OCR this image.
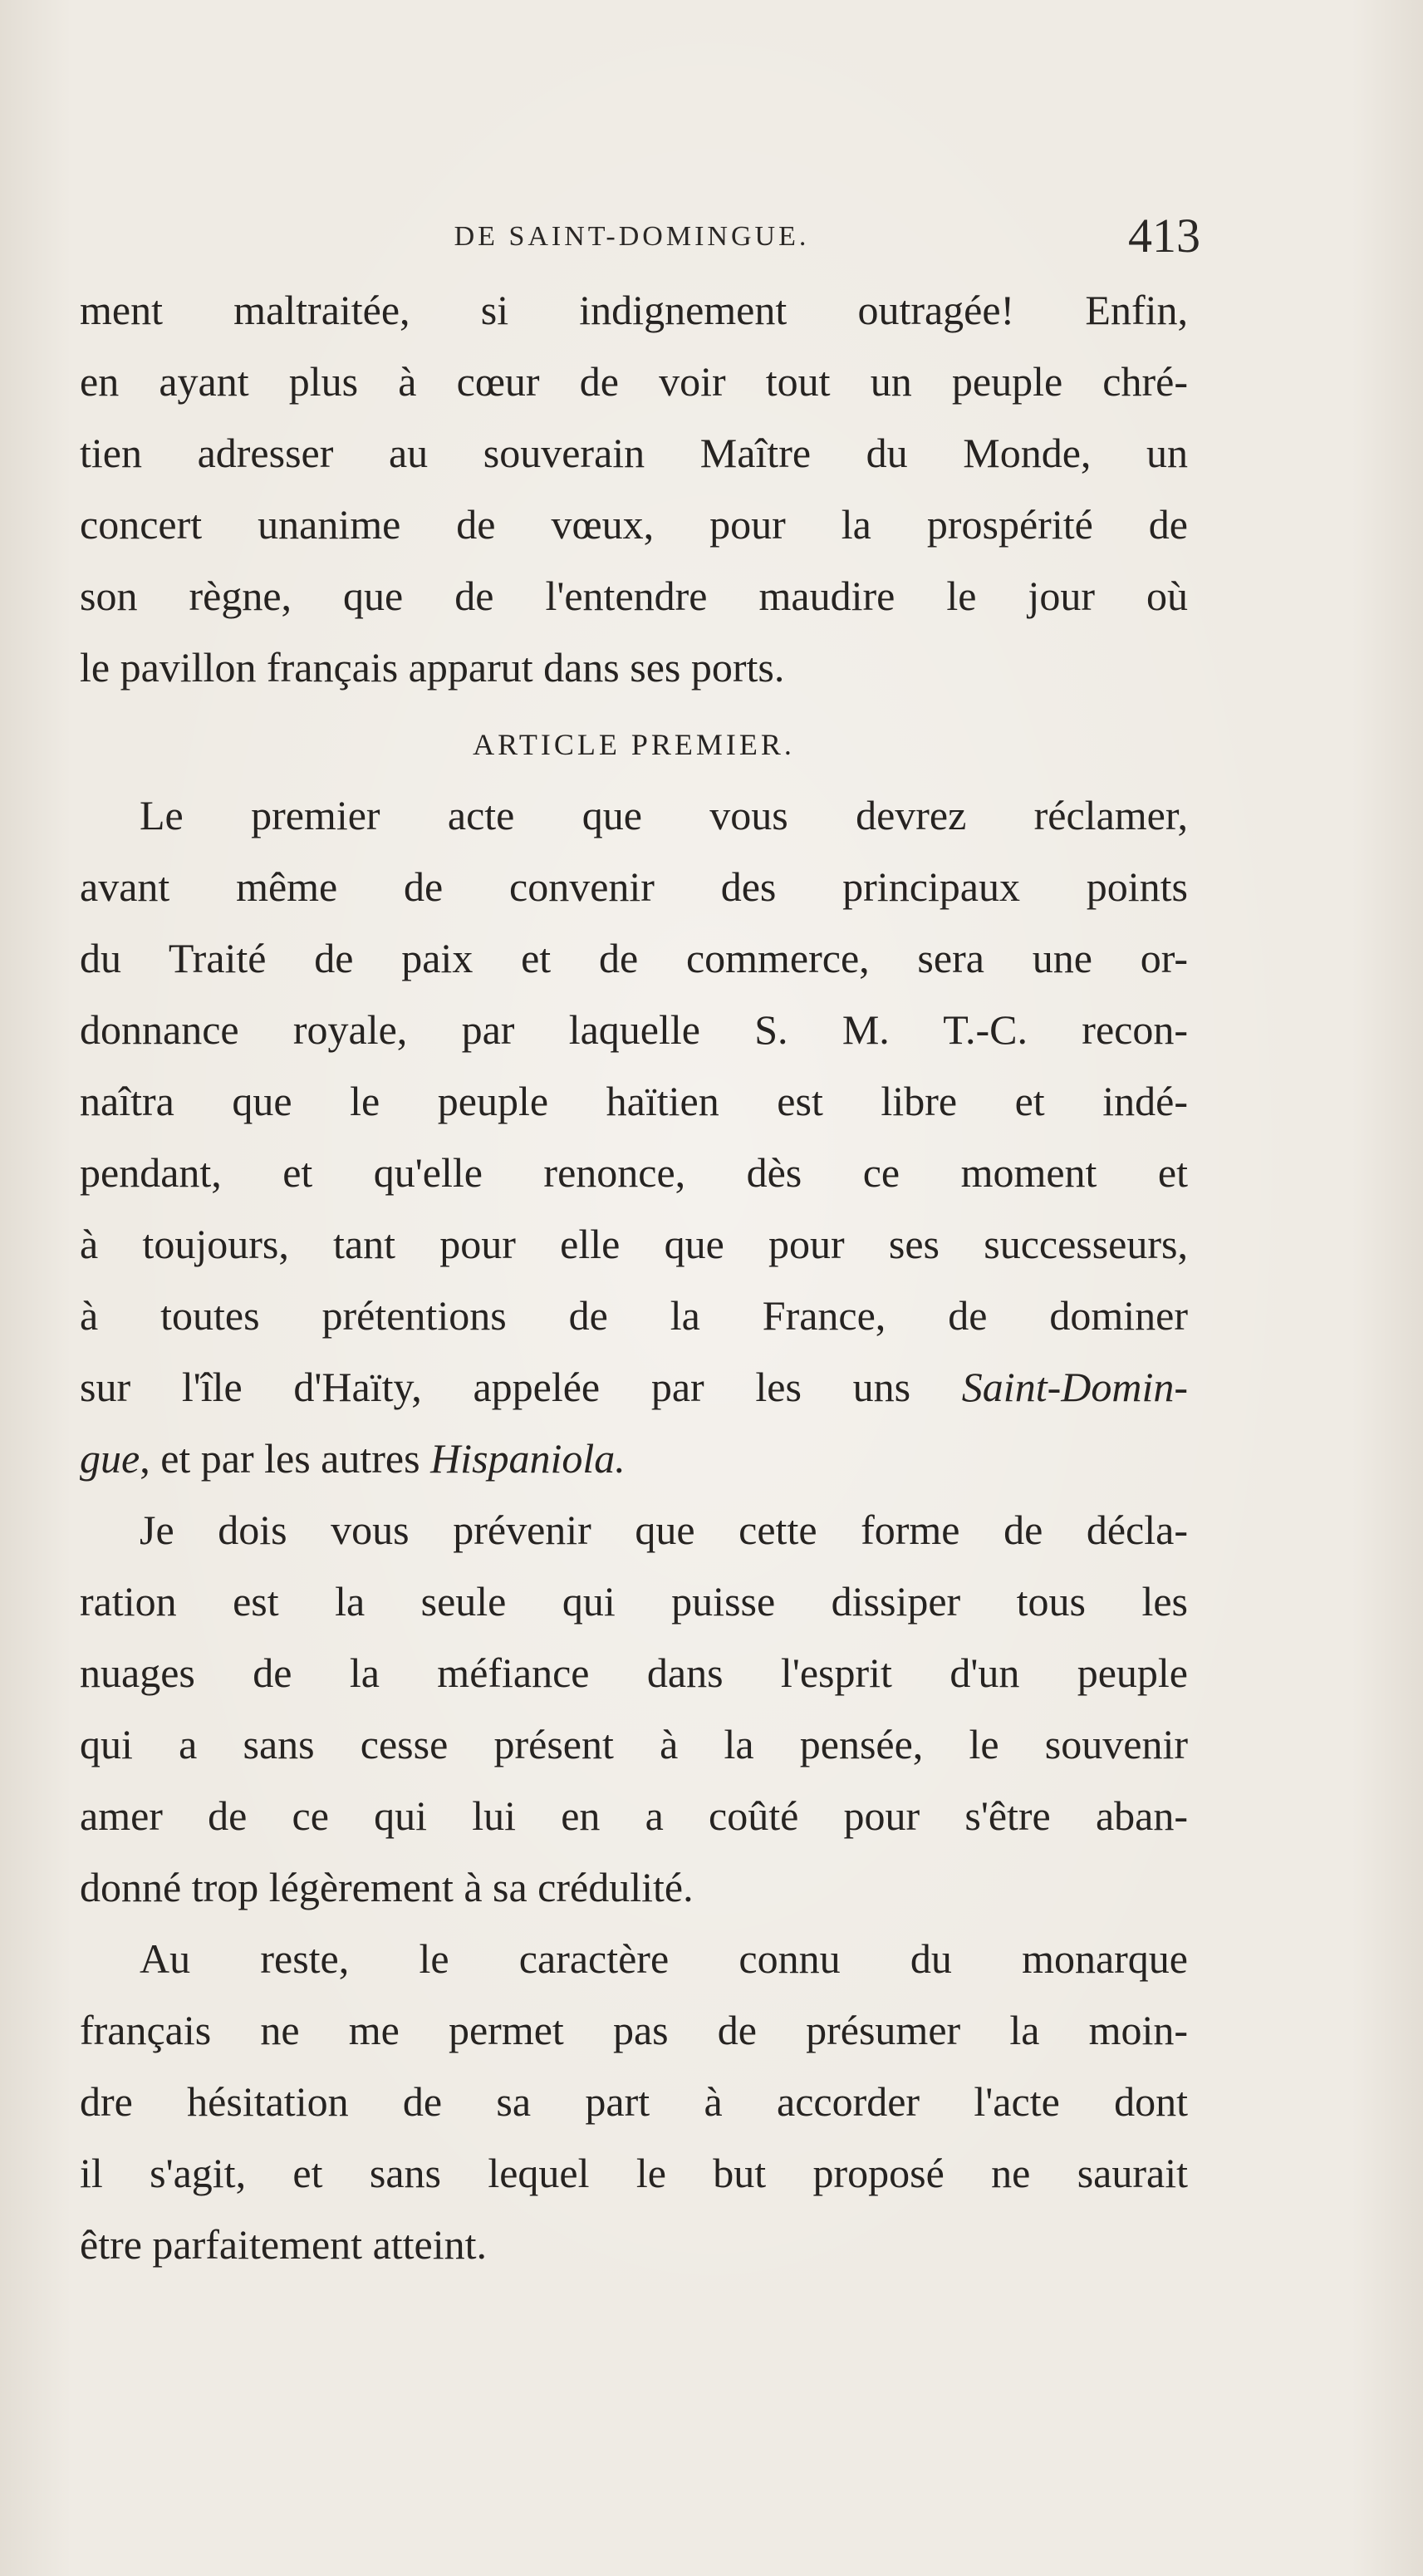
DE SAINT-DOMINGUE.	413
ment maltraitée, si indignement outragée! Enfin,
en ayant plus à cœur de voir tout un peuple chré-
tien adresser au souverain Maître du Monde, un
concert unanime de vœux, pour la prospérité de
son règne, que de l'entendre maudire le jour où
le pavillon français apparut dans ses ports.
ARTICLE PREMIER.
Le premier acte que vous devrez réclamer,
avant même de convenir des principaux points
du Traité de paix et de commerce, sera une or-
donnance royale, par laquelle S. M. T.-C. recon-
naîtra que le peuple haïtien est libre et indé-
pendant, et qu'elle renonce, dès ce moment et
à toujours, tant pour elle que pour ses successeurs,
à toutes prétentions de la France, de dominer
sur l'île d'Haïty, appelée par les uns Saint-Domin-
gue, et par les autres Hispaniola.
Je dois vous prévenir que cette forme de décla-
ration est la seule qui puisse dissiper tous les
nuages de la méfiance dans l'esprit d'un peuple
qui a sans cesse présent à la pensée, le souvenir
amer de ce qui lui en a coûté pour s'être aban-
donné trop légèrement à sa crédulité.
Au reste, le caractère connu du monarque
français ne me permet pas de présumer la moin-
dre hésitation de sa part à accorder l'acte dont
il s'agit, et sans lequel le but proposé ne saurait
être parfaitement atteint.
